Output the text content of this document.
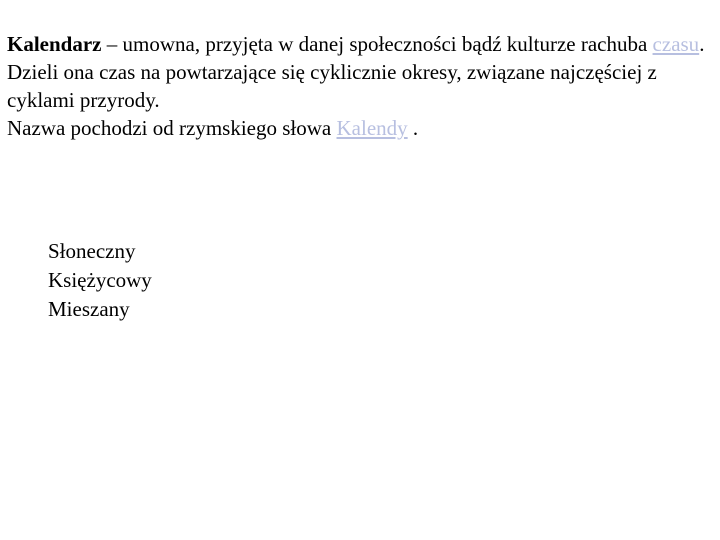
Kalendarz – umowna, przyjęta w danej społeczności bądź kulturze rachuba czasu. Dzieli ona czas na powtarzające się cyklicznie okresy, związane najczęściej z cyklami przyrody.
Nazwa pochodzi od rzymskiego słowa Kalendy .

Słoneczny
Księżycowy
Mieszany
